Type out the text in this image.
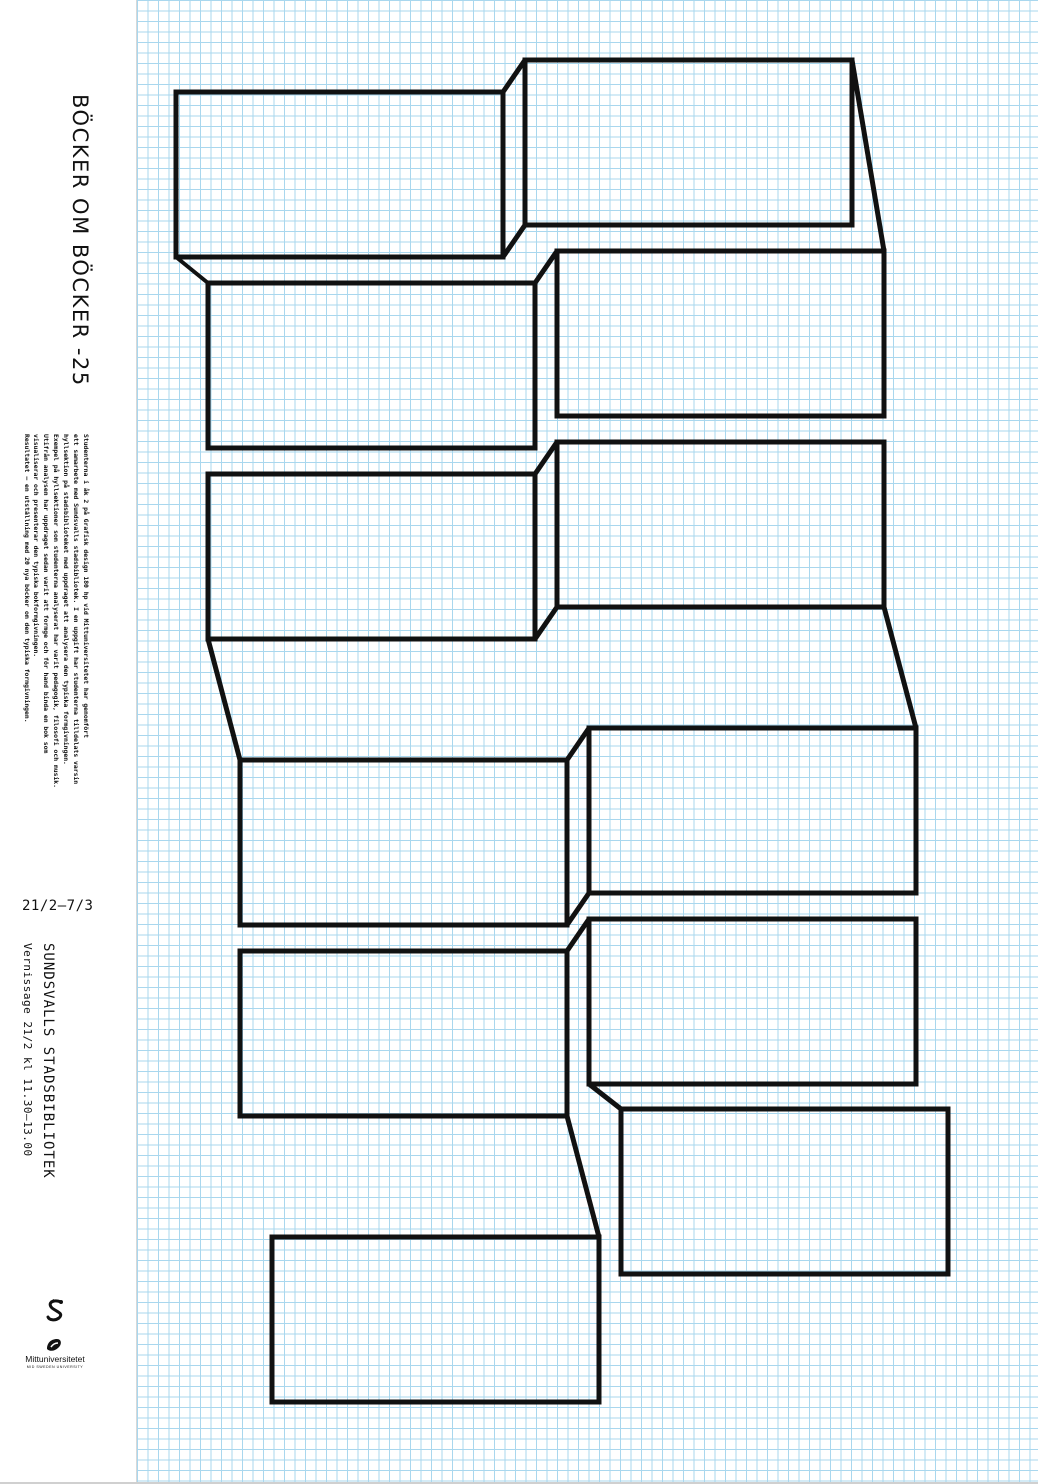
BÖCKER OM BÖCKER -25

Studenterna i åk 2 på Grafisk design 180 hp vid Mittuniversitetet har genomfört

ett samarbete med Sundsvalls stadsbibliotek. I en uppgift har studenterna tilldelats varsin

hyllsektion på stadsbiblioteket med uppdraget att analysera den typiska formgivningen.

Exempel på hyllsektioner som studenterna analyserat har varit pedagogik, filosofi och musik.

Utifrån analysen har uppdraget sedan varit att formge och för hand binda en bok som

visualiserar och presenterar den typiska bokformgivningen.

Resultatet – en utställning med 20 nya böcker om den typiska formgivningen.

21/2–7/3
SUNDSVALLS STADSBIBLIOTEK
Vernissage 21/2 kl 11.30–13.00
Mittuniversitetet
MID SWEDEN UNIVERSITY
